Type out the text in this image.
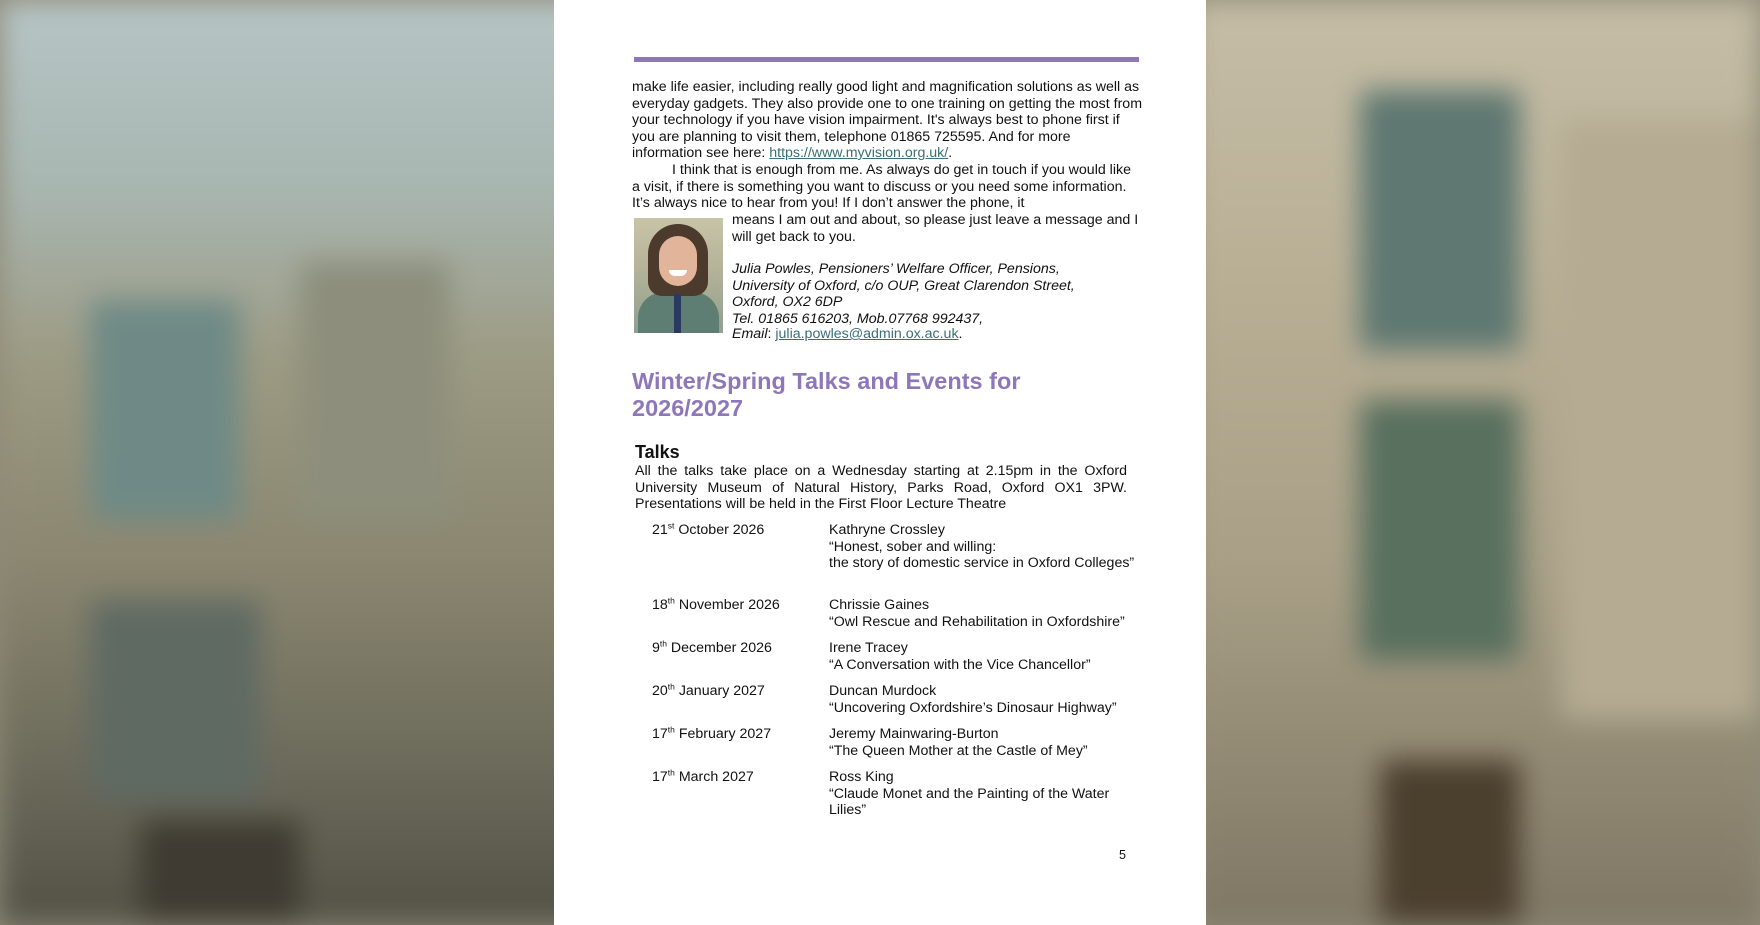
make life easier, including really good light and magnification solutions as well as everyday gadgets. They also provide one to one training on getting the most from your technology if you have vision impairment. It's always best to phone first if you are planning to visit them, telephone 01865 725595. And for more information see here: https://www.myvision.org.uk/.
I think that is enough from me. As always do get in touch if you would like a visit, if there is something you want to discuss or you need some information. It’s always nice to hear from you! If I don’t answer the phone, it
means I am out and about, so please just leave a message and I will get back to you.
Julia Powles, Pensioners’ Welfare Officer, Pensions,
University of Oxford, c/o OUP, Great Clarendon Street,
Oxford, OX2 6DP
Tel. 01865 616203, Mob.07768 992437,
Email: julia.powles@admin.ox.ac.uk.
Winter/Spring Talks and Events for 2026/2027
Talks
All the talks take place on a Wednesday starting at 2.15pm in the Oxford University Museum of Natural History, Parks Road, Oxford OX1 3PW. Presentations will be held in the First Floor Lecture Theatre
21st October 2026	Kathryne Crossley
“Honest, sober and willing:
the story of domestic service in Oxford Colleges”
18th November 2026	Chrissie Gaines
“Owl Rescue and Rehabilitation in Oxfordshire”
9th December 2026	Irene Tracey
“A Conversation with the Vice Chancellor”
20th January 2027	Duncan Murdock
“Uncovering Oxfordshire’s Dinosaur Highway”
17th February 2027	Jeremy Mainwaring-Burton
“The Queen Mother at the Castle of Mey”
17th March 2027	Ross King
“Claude Monet and the Painting of the Water Lilies”
5
